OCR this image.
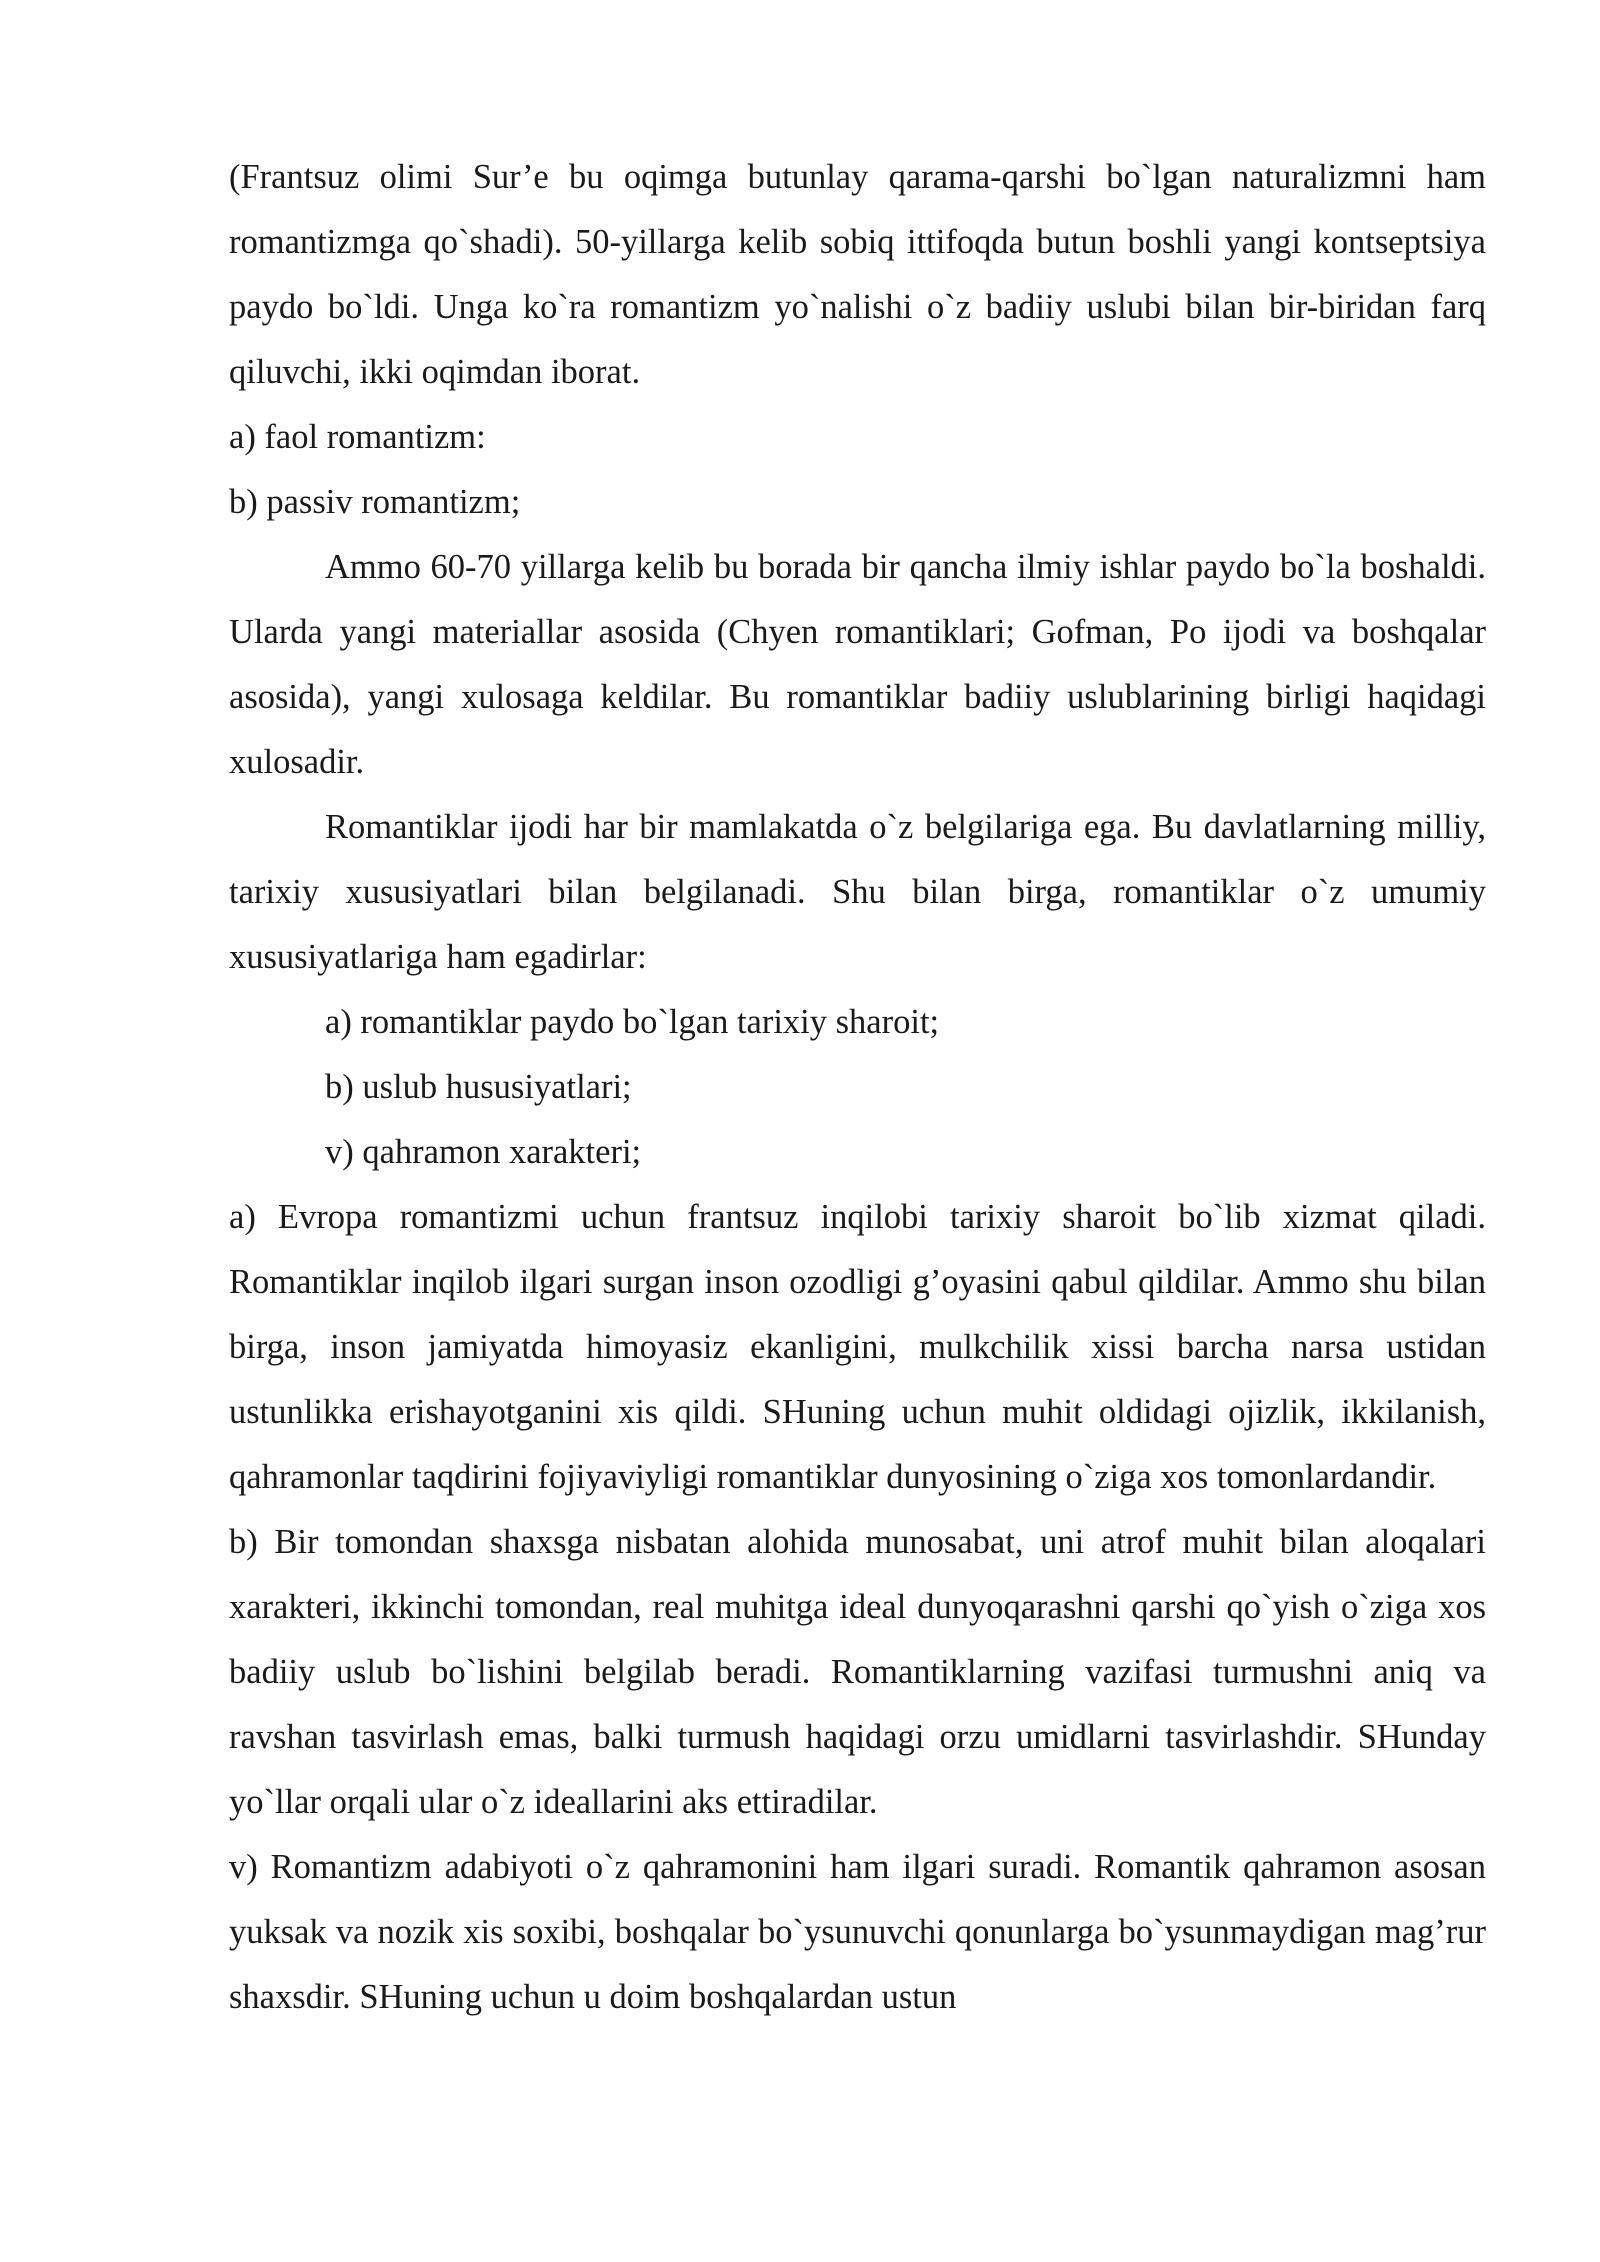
(Frantsuz olimi Sur’e bu oqimga butunlay qarama-qarshi bo`lgan naturalizmni ham romantizmga qo`shadi). 50-yillarga kelib sobiq ittifoqda butun boshli yangi kontseptsiya paydo bo`ldi. Unga ko`ra romantizm yo`nalishi o`z badiiy uslubi bilan bir-biridan farq qiluvchi, ikki oqimdan iborat.

a) faol romantizm:

b) passiv romantizm;

Ammo 60-70 yillarga kelib bu borada bir qancha ilmiy ishlar paydo bo`la boshaldi. Ularda yangi materiallar asosida (Chyen romantiklari; Gofman, Po ijodi va boshqalar asosida), yangi xulosaga keldilar. Bu romantiklar badiiy uslublarining birligi haqidagi xulosadir.

Romantiklar ijodi har bir mamlakatda o`z belgilariga ega. Bu davlatlarning milliy, tarixiy xususiyatlari bilan belgilanadi. Shu bilan birga, romantiklar o`z umumiy xususiyatlariga ham egadirlar:

a) romantiklar paydo bo`lgan tarixiy sharoit;

b) uslub hususiyatlari;

v) qahramon xarakteri;

a) Evropa romantizmi uchun frantsuz inqilobi tarixiy sharoit bo`lib xizmat qiladi. Romantiklar inqilob ilgari surgan inson ozodligi g’oyasini qabul qildilar. Ammo shu bilan birga, inson jamiyatda himoyasiz ekanligini, mulkchilik xissi barcha narsa ustidan ustunlikka erishayotganini xis qildi. SHuning uchun muhit oldidagi ojizlik, ikkilanish, qahramonlar taqdirini fojiyaviyligi romantiklar dunyosining o`ziga xos tomonlardandir.

b) Bir tomondan shaxsga nisbatan alohida munosabat, uni atrof muhit bilan aloqalari xarakteri, ikkinchi tomondan, real muhitga ideal dunyoqarashni qarshi qo`yish o`ziga xos badiiy uslub bo`lishini belgilab beradi. Romantiklarning vazifasi turmushni aniq va ravshan tasvirlash emas, balki turmush haqidagi orzu umidlarni tasvirlashdir. SHunday yo`llar orqali ular o`z ideallarini aks ettiradilar.

v) Romantizm adabiyoti o`z qahramonini ham ilgari suradi. Romantik qahramon asosan yuksak va nozik xis soxibi, boshqalar bo`ysunuvchi qonunlarga bo`ysunmaydigan mag’rur shaxsdir. SHuning uchun u doim boshqalardan ustun
